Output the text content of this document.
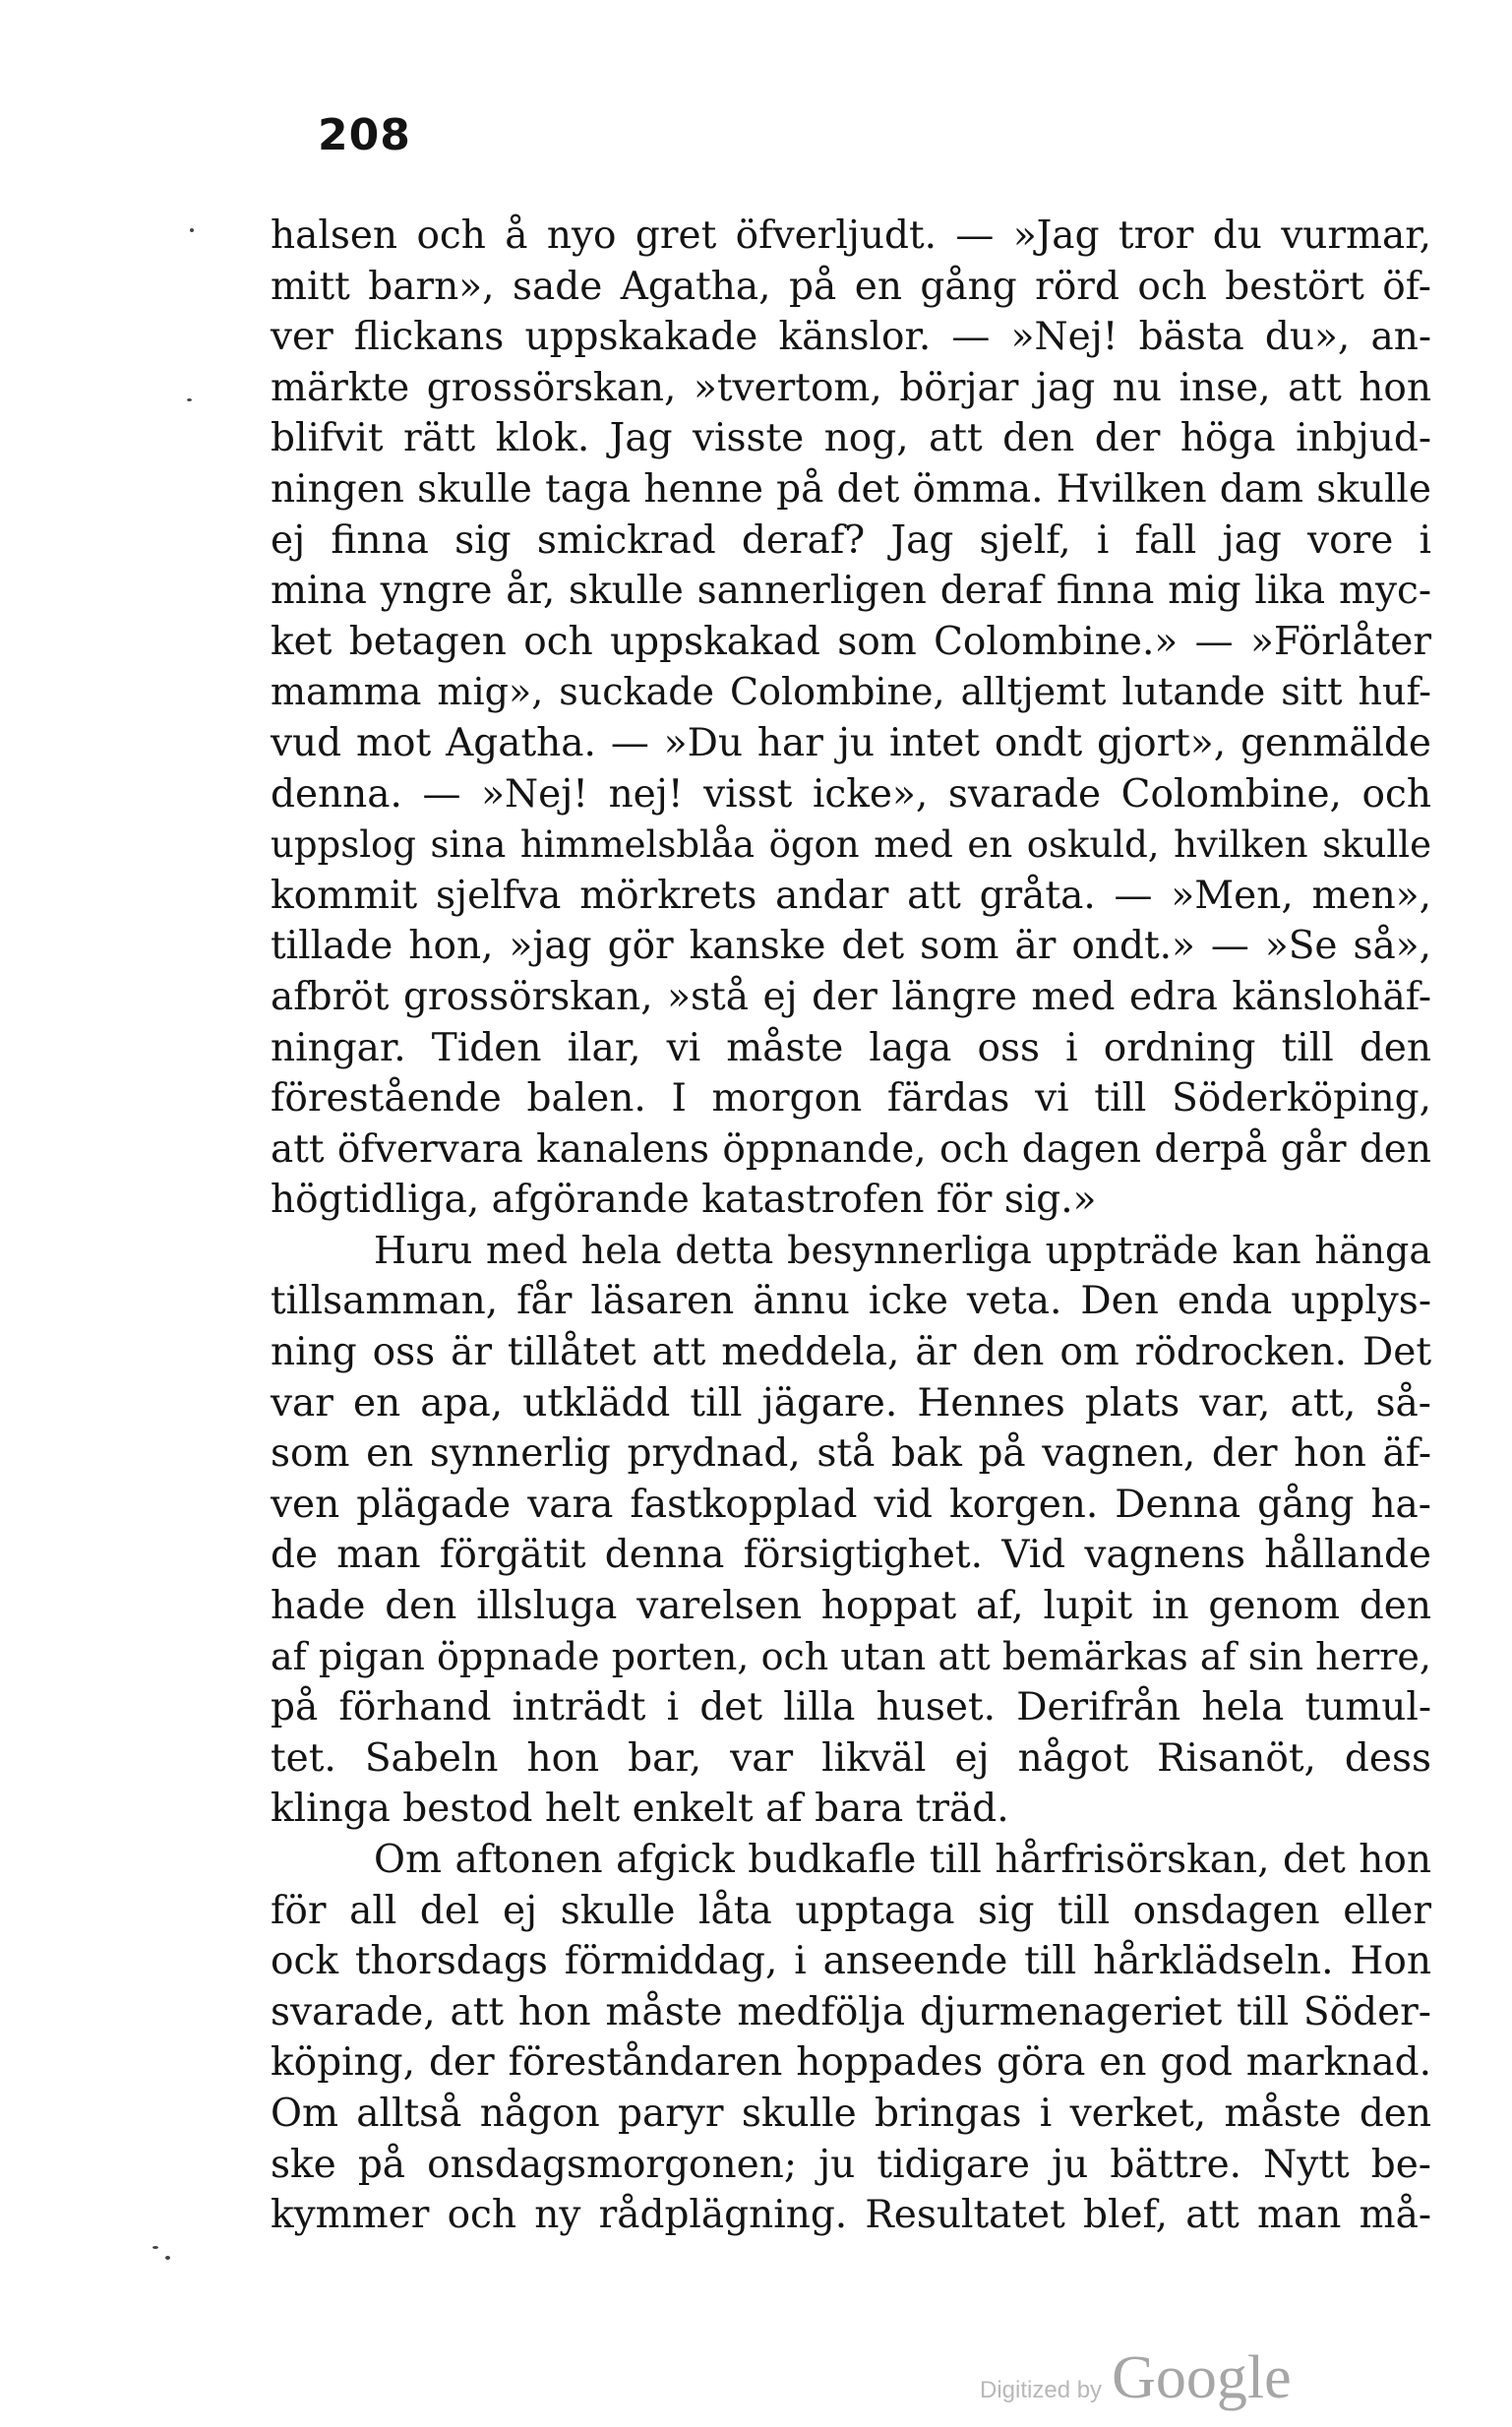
208
halsen och å nyo gret öfverljudt. — »Jag tror du vurmar,
mitt barn», sade Agatha, på en gång rörd och bestört öf-
ver flickans uppskakade känslor. — »Nej! bästa du», an-
märkte grossörskan, »tvertom, börjar jag nu inse, att hon
blifvit rätt klok. Jag visste nog, att den der höga inbjud-
ningen skulle taga henne på det ömma. Hvilken dam skulle
ej finna sig smickrad deraf? Jag sjelf, i fall jag vore i
mina yngre år, skulle sannerligen deraf finna mig lika myc-
ket betagen och uppskakad som Colombine.» — »Förlåter
mamma mig», suckade Colombine, alltjemt lutande sitt huf-
vud mot Agatha. — »Du har ju intet ondt gjort», genmälde
denna. — »Nej! nej! visst icke», svarade Colombine, och
uppslog sina himmelsblåa ögon med en oskuld, hvilken skulle
kommit sjelfva mörkrets andar att gråta. — »Men, men»,
tillade hon, »jag gör kanske det som är ondt.» — »Se så»,
afbröt grossörskan, »stå ej der längre med edra känslohäf-
ningar. Tiden ilar, vi måste laga oss i ordning till den
förestående balen. I morgon färdas vi till Söderköping,
att öfvervara kanalens öppnande, och dagen derpå går den
högtidliga, afgörande katastrofen för sig.»
Huru med hela detta besynnerliga uppträde kan hänga
tillsamman, får läsaren ännu icke veta. Den enda upplys-
ning oss är tillåtet att meddela, är den om rödrocken. Det
var en apa, utklädd till jägare. Hennes plats var, att, så-
som en synnerlig prydnad, stå bak på vagnen, der hon äf-
ven plägade vara fastkopplad vid korgen. Denna gång ha-
de man förgätit denna försigtighet. Vid vagnens hållande
hade den illsluga varelsen hoppat af, lupit in genom den
af pigan öppnade porten, och utan att bemärkas af sin herre,
på förhand inträdt i det lilla huset. Derifrån hela tumul-
tet. Sabeln hon bar, var likväl ej något Risanöt, dess
klinga bestod helt enkelt af bara träd.
Om aftonen afgick budkafle till hårfrisörskan, det hon
för all del ej skulle låta upptaga sig till onsdagen eller
ock thorsdags förmiddag, i anseende till hårklädseln. Hon
svarade, att hon måste medfölja djurmenageriet till Söder-
köping, der föreståndaren hoppades göra en god marknad.
Om alltså någon paryr skulle bringas i verket, måste den
ske på onsdagsmorgonen; ju tidigare ju bättre. Nytt be-
kymmer och ny rådplägning. Resultatet blef, att man må-
Digitized by Google
